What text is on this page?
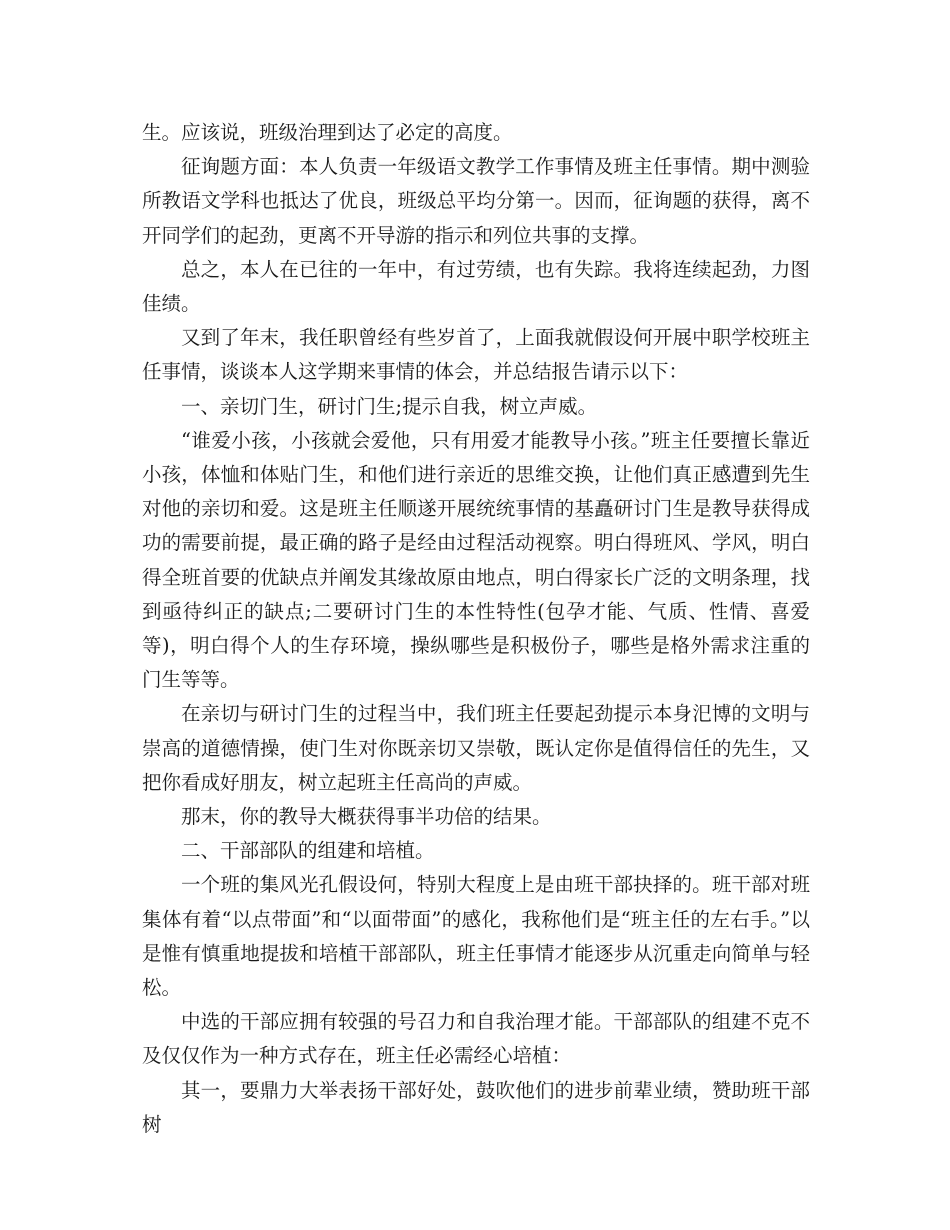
生。应该说，班级治理到达了必定的高度。

征询题方面：本人负责一年级语文教学工作事情及班主任事情。期中测验所教语文学科也抵达了优良，班级总平均分第一。因而，征询题的获得，离不开同学们的起劲，更离不开导游的指示和列位共事的支撑。

总之，本人在已往的一年中，有过劳绩，也有失踪。我将连续起劲，力图佳绩。

又到了年末，我任职曾经有些岁首了，上面我就假设何开展中职学校班主任事情，谈谈本人这学期来事情的体会，并总结报告请示以下：

一、亲切门生，研讨门生;提示自我，树立声威。

“谁爱小孩，小孩就会爱他，只有用爱才能教导小孩。”班主任要擅长靠近小孩，体恤和体贴门生，和他们进行亲近的思维交换，让他们真正感遭到先生对他的亲切和爱。这是班主任顺遂开展统统事情的基矗研讨门生是教导获得成功的需要前提，最正确的路子是经由过程活动视察。明白得班风、学风，明白得全班首要的优缺点并阐发其缘故原由地点，明白得家长广泛的文明条理，找到亟待纠正的缺点;二要研讨门生的本性特性(包孕才能、气质、性情、喜爱等)，明白得个人的生存环境，操纵哪些是积极份子，哪些是格外需求注重的门生等等。

在亲切与研讨门生的过程当中，我们班主任要起劲提示本身汜博的文明与崇高的道德情操，使门生对你既亲切又崇敬，既认定你是值得信任的先生，又把你看成好朋友，树立起班主任高尚的声威。

那末，你的教导大概获得事半功倍的结果。

二、干部部队的组建和培植。

一个班的集风光孔假设何，特别大程度上是由班干部抉择的。班干部对班集体有着“以点带面”和“以面带面”的感化，我称他们是“班主任的左右手。”以是惟有慎重地提拔和培植干部部队，班主任事情才能逐步从沉重走向简单与轻松。

中选的干部应拥有较强的号召力和自我治理才能。干部部队的组建不克不及仅仅作为一种方式存在，班主任必需经心培植：

其一，要鼎力大举表扬干部好处，鼓吹他们的进步前辈业绩，赞助班干部树
